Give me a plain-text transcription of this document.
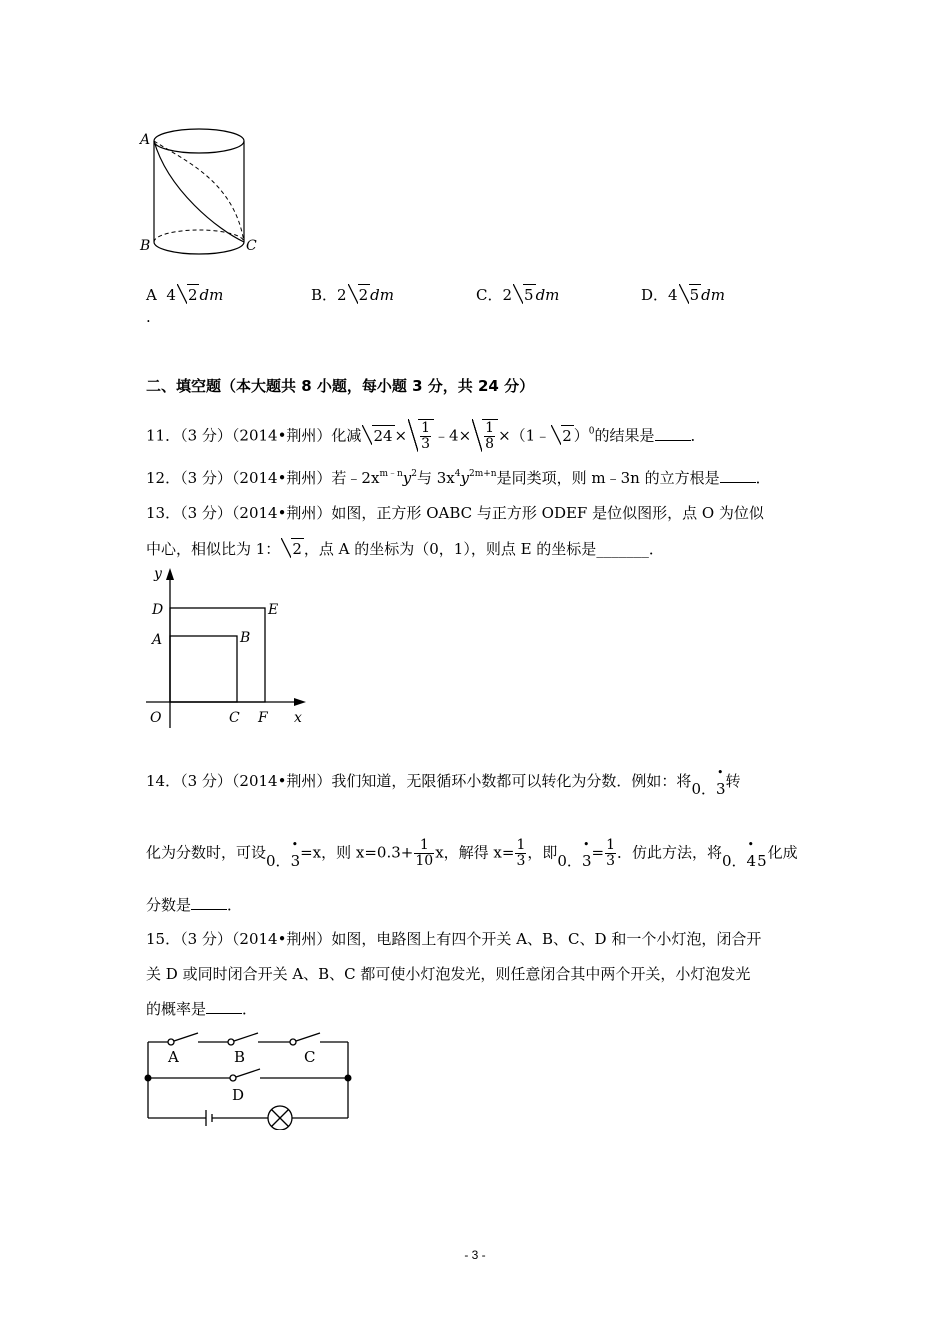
A
B	C
A 4 2 dm
.
B．2 2 dm	C．2 5 dm	D．4 5 dm
二、填空题（本大题共 8 小题，每小题 3 分，共 24 分）
11．（3 分）（2014•荆州）化减 $24 \times \frac{1}{3}$ ﹣4× $\frac{1}{8}$ ×（1﹣ 2 ）$^0$的结果是 ．
12．（3 分）（2014•荆州）若$﹣2x^{m﹣n}y^2$与 $3x^4y^{2m+n}$是同类项，则 m﹣3n 的立方根是 ．
13．（3 分）（2014•荆州）如图，正方形 OABC 与正方形 ODEF 是位似图形，点 O 为位似
中心，相似比为 1： 2 ，点 A 的坐标为（0，1），则点 E 的坐标是_______．
y
x
O
A	B
C
D	E
F
14．（3 分）（2014•荆州）我们知道，无限循环小数都可以转化为分数．例如：将0．• 3转
化为分数时，可设0．• 3=x，则 $x=0.3+ \frac{1}{10}$ x，解得 $x= \frac{1}{3}$ ，即0．• $3= \frac{1}{3}$ ．仿此方法，将0．• 45化成
分数是 ．
15．（3 分）（2014•荆州）如图，电路图上有四个开关 A、B、C、D 和一个小灯泡，闭合开
关 D 或同时闭合开关 A、B、C 都可使小灯泡发光，则任意闭合其中两个开关，小灯泡发光
的概率是 ．
A	B	C
D
- 3 -
